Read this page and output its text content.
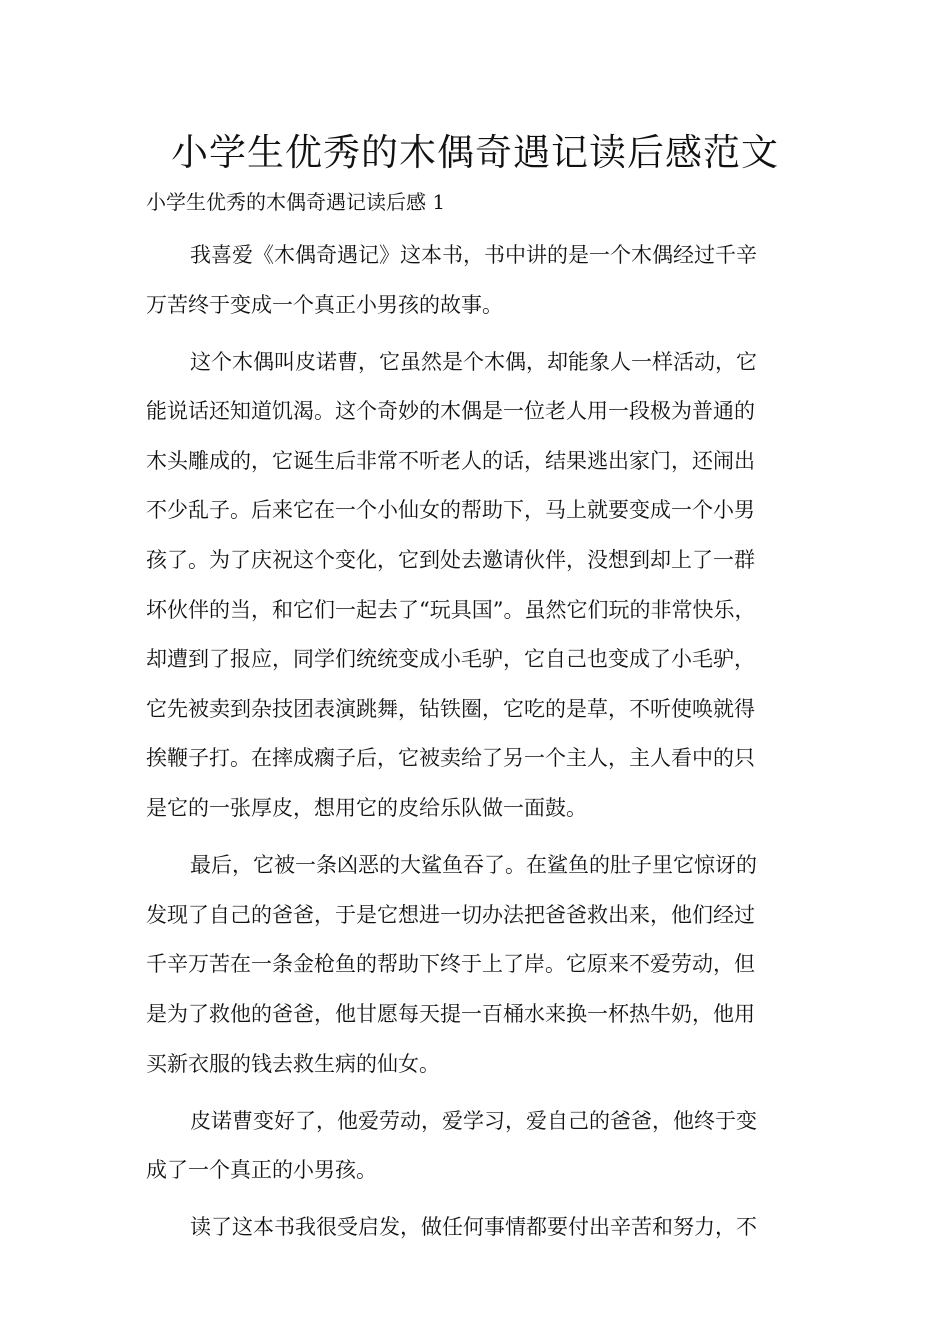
小学生优秀的木偶奇遇记读后感范文
小学生优秀的木偶奇遇记读后感 1
我喜爱《木偶奇遇记》这本书，书中讲的是一个木偶经过千辛
万苦终于变成一个真正小男孩的故事。
这个木偶叫皮诺曹，它虽然是个木偶，却能象人一样活动，它
能说话还知道饥渴。这个奇妙的木偶是一位老人用一段极为普通的
木头雕成的，它诞生后非常不听老人的话，结果逃出家门，还闹出
不少乱子。后来它在一个小仙女的帮助下，马上就要变成一个小男
孩了。为了庆祝这个变化，它到处去邀请伙伴，没想到却上了一群
坏伙伴的当，和它们一起去了“玩具国”。虽然它们玩的非常快乐，
却遭到了报应，同学们统统变成小毛驴，它自己也变成了小毛驴，
它先被卖到杂技团表演跳舞，钻铁圈，它吃的是草，不听使唤就得
挨鞭子打。在摔成瘸子后，它被卖给了另一个主人，主人看中的只
是它的一张厚皮，想用它的皮给乐队做一面鼓。
最后，它被一条凶恶的大鲨鱼吞了。在鲨鱼的肚子里它惊讶的
发现了自己的爸爸，于是它想进一切办法把爸爸救出来，他们经过
千辛万苦在一条金枪鱼的帮助下终于上了岸。它原来不爱劳动，但
是为了救他的爸爸，他甘愿每天提一百桶水来换一杯热牛奶，他用
买新衣服的钱去救生病的仙女。
皮诺曹变好了，他爱劳动，爱学习，爱自己的爸爸，他终于变
成了一个真正的小男孩。
读了这本书我很受启发，做任何事情都要付出辛苦和努力，不
